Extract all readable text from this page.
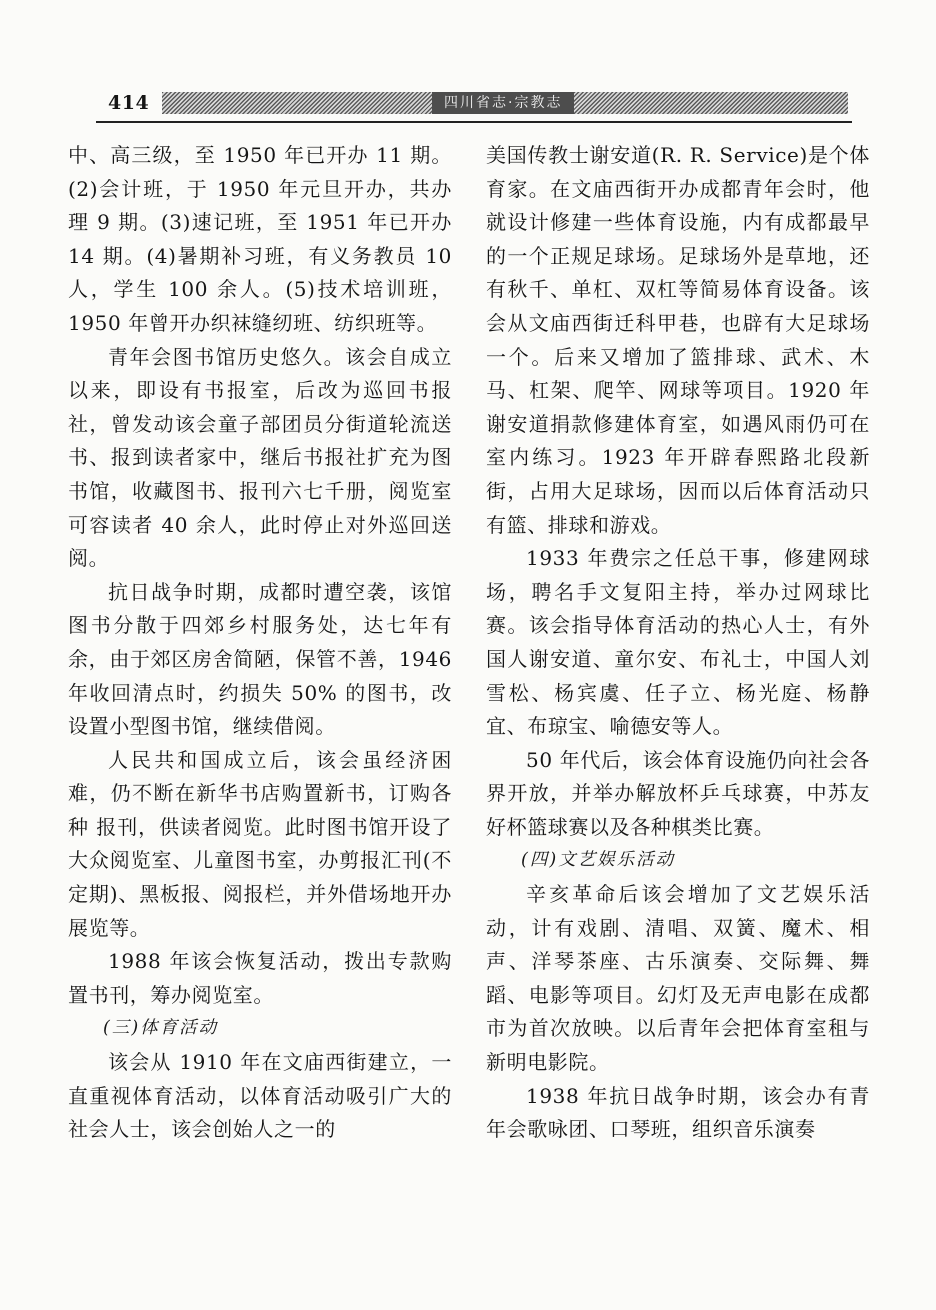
414	四川省志·宗教志

中、高三级，至 1950 年已开办 11 期。(2)会计班，于 1950 年元旦开办，共办理 9 期。(3)速记班，至 1951 年已开办 14 期。(4)暑期补习班，有义务教员 10 人，学生 100 余人。(5)技术培训班，1950 年曾开办织袜缝纫班、纺织班等。

青年会图书馆历史悠久。该会自成立以来，即设有书报室，后改为巡回书报社，曾发动该会童子部团员分街道轮流送书、报到读者家中，继后书报社扩充为图书馆，收藏图书、报刊六七千册，阅览室可容读者 40 余人，此时停止对外巡回送阅。

抗日战争时期，成都时遭空袭，该馆图书分散于四郊乡村服务处，达七年有余，由于郊区房舍简陋，保管不善，1946 年收回清点时，约损失 50% 的图书，改设置小型图书馆，继续借阅。

人民共和国成立后，该会虽经济困难，仍不断在新华书店购置新书，订购各种 报刊，供读者阅览。此时图书馆开设了大众阅览室、儿童图书室，办剪报汇刊(不定期)、黑板报、阅报栏，并外借场地开办展览等。

1988 年该会恢复活动，拨出专款购置书刊，筹办阅览室。

(三)体育活动

该会从 1910 年在文庙西街建立，一直重视体育活动，以体育活动吸引广大的社会人士，该会创始人之一的

美国传教士谢安道(R. R. Service)是个体育家。在文庙西街开办成都青年会时，他就设计修建一些体育设施，内有成都最早的一个正规足球场。足球场外是草地，还有秋千、单杠、双杠等简易体育设备。该会从文庙西街迁科甲巷，也辟有大足球场一个。后来又增加了篮排球、武术、木马、杠架、爬竿、网球等项目。1920 年谢安道捐款修建体育室，如遇风雨仍可在室内练习。1923 年开辟春熙路北段新街，占用大足球场，因而以后体育活动只有篮、排球和游戏。

1933 年费宗之任总干事，修建网球场，聘名手文复阳主持，举办过网球比赛。该会指导体育活动的热心人士，有外国人谢安道、童尔安、布礼士，中国人刘雪松、杨宾虞、任子立、杨光庭、杨静宜、布琼宝、喻德安等人。

50 年代后，该会体育设施仍向社会各界开放，并举办解放杯乒乓球赛，中苏友好杯篮球赛以及各种棋类比赛。

(四)文艺娱乐活动

辛亥革命后该会增加了文艺娱乐活动，计有戏剧、清唱、双簧、魔术、相声、洋琴茶座、古乐演奏、交际舞、舞蹈、电影等项目。幻灯及无声电影在成都市为首次放映。以后青年会把体育室租与新明电影院。

1938 年抗日战争时期，该会办有青年会歌咏团、口琴班，组织音乐演奏
